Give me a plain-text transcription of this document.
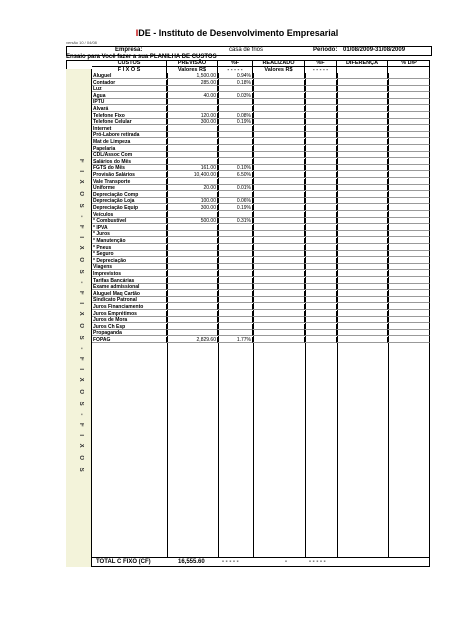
IDE - Instituto de Desenvolvimento Empresarial
versão 10 / 04/08
Empresa:	casa de frios	Período: 01/08/2009-31/08/2009
Ensaio para Você fazer a sua PLANILHA DE CUSTOS
CUSTOS	PREVISÃO	%F	REALIZADO	%F	DIFERENÇA	% D/P
F I X O S	Valores R$	- - - - -	Valores R$	- - - - -
F I X O S - F I X O S - F I X O S - F I X O S - F I X O S
Aluguel	1,500.00	0.94%
Contador	285.00	0.18%
Luz
Água	40.00	0.03%
IPTU
Alvará
Telefone Fixo	120.00	0.08%
Telefone Celular	300.00	0.19%
Internet
Pró-Labore retirada
Mat de Limpeza
Papelaria
CDL/Assoc Com
Salários do Mês
FGTS do Mês	161.00	0.10%
Provisão Salários	10,400.00	6.50%
Vale Transporte
Uniforme	20.00	0.01%
Depreciação Comp
Depreciação Loja	100.00	0.06%
Depreciação Equip	300.00	0.19%
Veículos
* Combustível	500.00	0.31%
* IPVA
* Juros
* Manutenção
* Pneus
* Seguro
* Depreciação
Viagens
Imprevistos
Tarifas Bancárias
Exame admissional
Aluguel Maq Cartão
Sindicato Patronal
Juros Financiamento
Juros Emprétimos
Juros de Mora
Juros Ch Esp
Propaganda
FOPAG	2,829.60	1.77%
TOTAL C FIXO (CF)	16,555.60	- - - - -	-	- - - - -
